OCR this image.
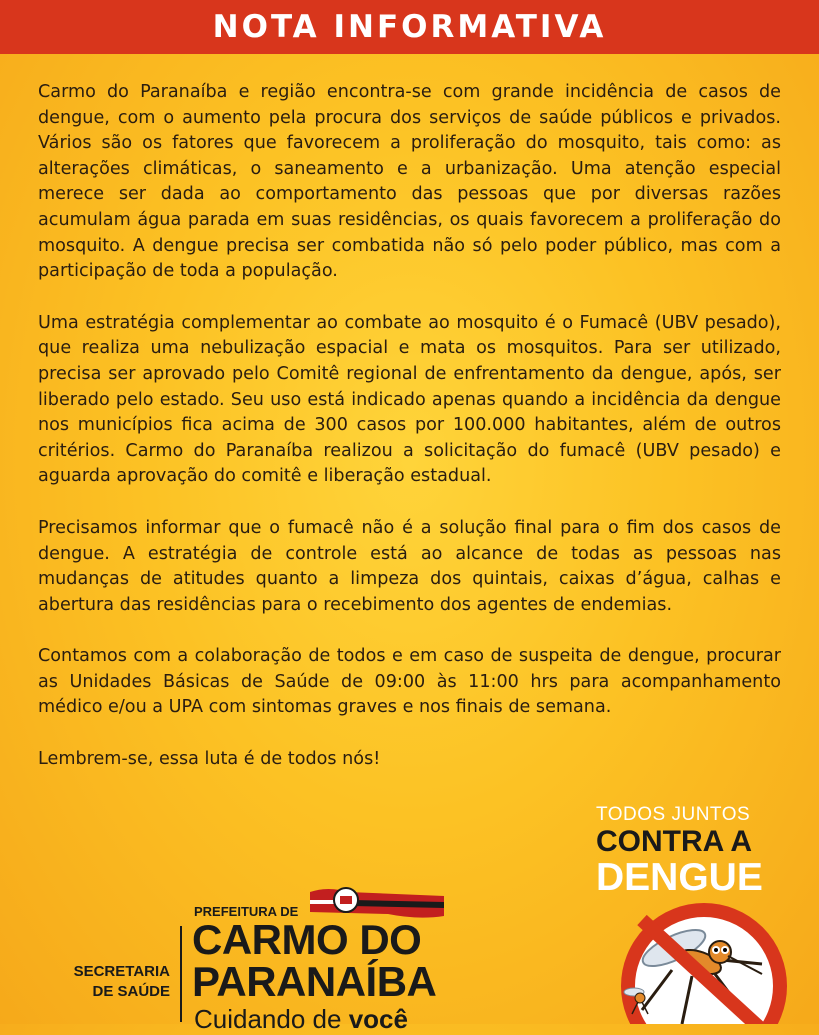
NOTA INFORMATIVA

Carmo do Paranaíba e região encontra-se com grande incidência de casos de dengue, com o aumento pela procura dos serviços de saúde públicos e privados. Vários são os fatores que favorecem a proliferação do mosquito, tais como: as alterações climáticas, o saneamento e a urbanização. Uma atenção especial merece ser dada ao comportamento das pessoas que por diversas razões acumulam água parada em suas residências, os quais favorecem a proliferação do mosquito. A dengue precisa ser combatida não só pelo poder público, mas com a participação de toda a população.

Uma estratégia complementar ao combate ao mosquito é o Fumacê (UBV pesado), que realiza uma nebulização espacial e mata os mosquitos. Para ser utilizado, precisa ser aprovado pelo Comitê regional de enfrentamento da dengue, após, ser liberado pelo estado. Seu uso está indicado apenas quando a incidência da dengue nos municípios fica acima de 300 casos por 100.000 habitantes, além de outros critérios. Carmo do Paranaíba realizou a solicitação do fumacê (UBV pesado) e aguarda aprovação do comitê e liberação estadual.

Precisamos informar que o fumacê não é a solução final para o fim dos casos de dengue. A estratégia de controle está ao alcance de todas as pessoas nas mudanças de atitudes quanto a limpeza dos quintais, caixas d’água, calhas e abertura das residências para o recebimento dos agentes de endemias.

Contamos com a colaboração de todos e em caso de suspeita de dengue, procurar as Unidades Básicas de Saúde de 09:00 às 11:00 hrs para acompanhamento médico e/ou a UPA com sintomas graves e nos finais de semana.

Lembrem-se, essa luta é de todos nós!

TODOS JUNTOS
CONTRA A
DENGUE
SECRETARIA
DE SAÚDE
PREFEITURA DE
CARMO DO
PARANAÍBA
Cuidando de você
